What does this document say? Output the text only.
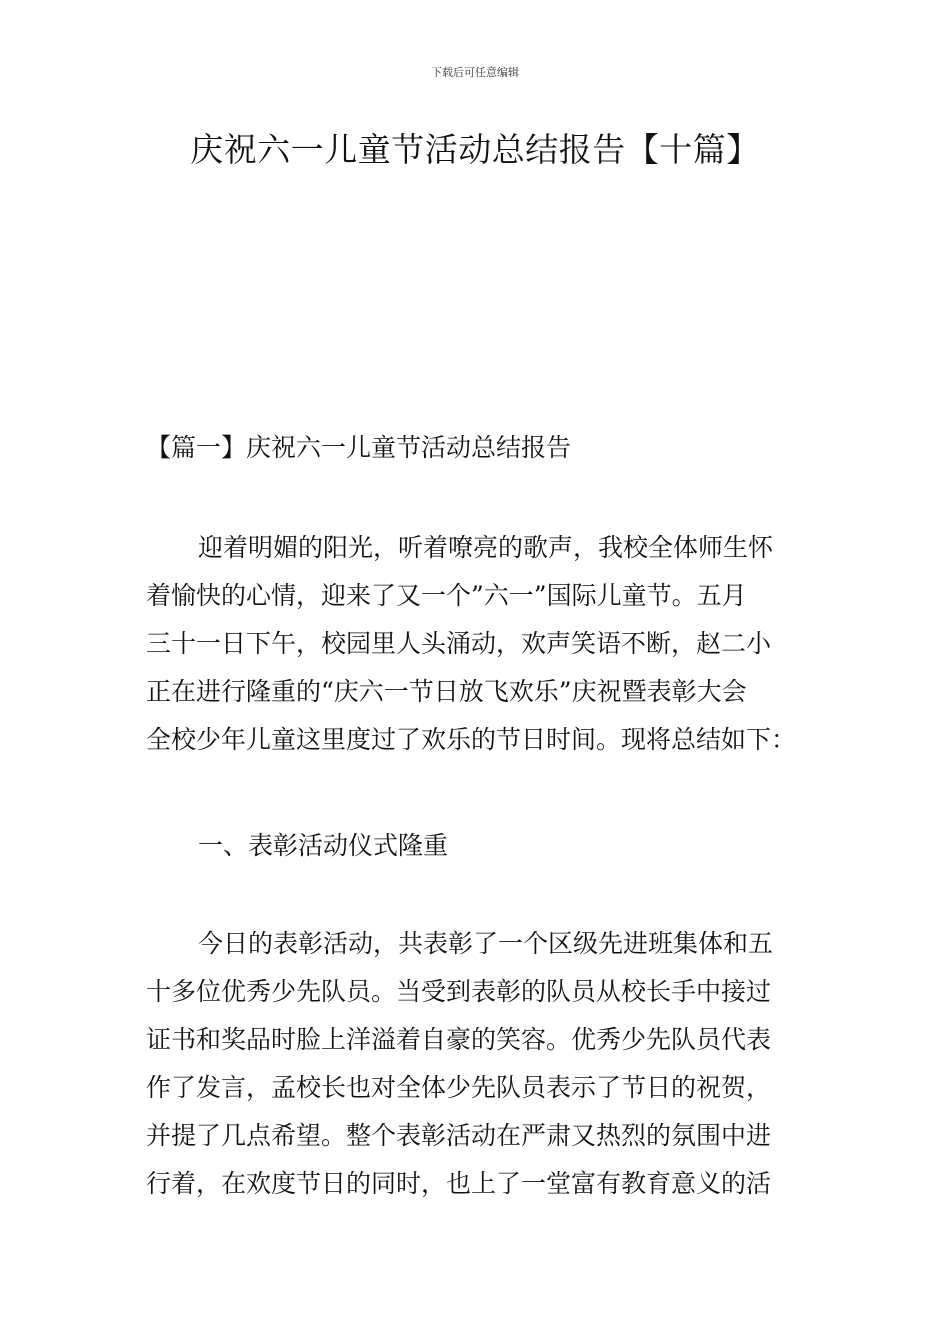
下载后可任意编辑
庆祝六一儿童节活动总结报告【十篇】
【篇一】庆祝六一儿童节活动总结报告
迎着明媚的阳光，听着嘹亮的歌声，我校全体师生怀
着愉快的心情，迎来了又一个”六一”国际儿童节。五月
三十一日下午，校园里人头涌动，欢声笑语不断，赵二小
正在进行隆重的“庆六一节日放飞欢乐”庆祝暨表彰大会
全校少年儿童这里度过了欢乐的节日时间。现将总结如下：
一、表彰活动仪式隆重
今日的表彰活动，共表彰了一个区级先进班集体和五
十多位优秀少先队员。当受到表彰的队员从校长手中接过
证书和奖品时脸上洋溢着自豪的笑容。优秀少先队员代表
作了发言，孟校长也对全体少先队员表示了节日的祝贺，
并提了几点希望。整个表彰活动在严肃又热烈的氛围中进
行着，在欢度节日的同时，也上了一堂富有教育意义的活
